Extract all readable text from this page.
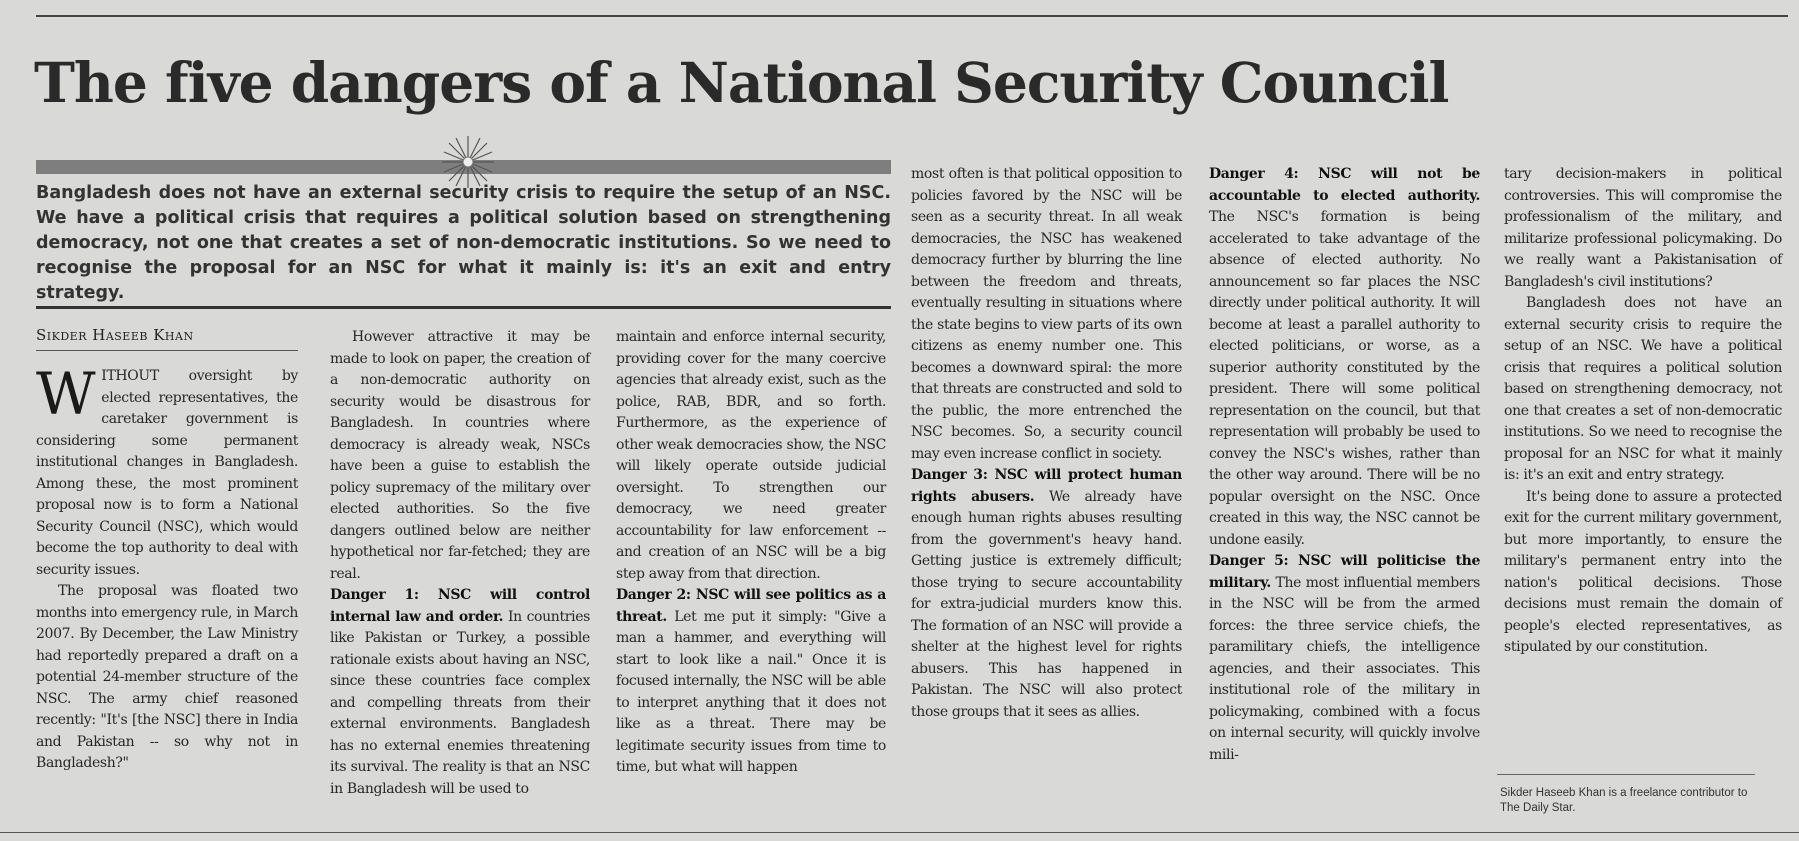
The five dangers of a National Security Council

Bangladesh does not have an external security crisis to require the setup of an NSC. We have a political crisis that requires a political solution based on strengthening democracy, not one that creates a set of non-democratic institutions. So we need to recognise the proposal for an NSC for what it mainly is: it's an exit and entry strategy.

Sikder Haseeb Khan

WITHOUT oversight by elected representatives, the caretaker government is considering some permanent institutional changes in Bangladesh. Among these, the most prominent proposal now is to form a National Security Council (NSC), which would become the top authority to deal with security issues.

The proposal was floated two months into emergency rule, in March 2007. By December, the Law Ministry had reportedly prepared a draft on a potential 24-member structure of the NSC. The army chief reasoned recently: "It's [the NSC] there in India and Pakistan -- so why not in Bangladesh?"

However attractive it may be made to look on paper, the creation of a non-democratic authority on security would be disastrous for Bangladesh. In countries where democracy is already weak, NSCs have been a guise to establish the policy supremacy of the military over elected authorities. So the five dangers outlined below are neither hypothetical nor far-fetched; they are real.

Danger 1: NSC will control internal law and order. In countries like Pakistan or Turkey, a possible rationale exists about having an NSC, since these countries face complex and compelling threats from their external environments. Bangladesh has no external enemies threatening its survival. The reality is that an NSC in Bangladesh will be used to

maintain and enforce internal security, providing cover for the many coercive agencies that already exist, such as the police, RAB, BDR, and so forth. Furthermore, as the experience of other weak democracies show, the NSC will likely operate outside judicial oversight. To strengthen our democracy, we need greater accountability for law enforcement -- and creation of an NSC will be a big step away from that direction.

Danger 2: NSC will see politics as a threat. Let me put it simply: "Give a man a hammer, and everything will start to look like a nail." Once it is focused internally, the NSC will be able to interpret anything that it does not like as a threat. There may be legitimate security issues from time to time, but what will happen

most often is that political opposition to policies favored by the NSC will be seen as a security threat. In all weak democracies, the NSC has weakened democracy further by blurring the line between the freedom and threats, eventually resulting in situations where the state begins to view parts of its own citizens as enemy number one. This becomes a downward spiral: the more that threats are constructed and sold to the public, the more entrenched the NSC becomes. So, a security council may even increase conflict in society.

Danger 3: NSC will protect human rights abusers. We already have enough human rights abuses resulting from the government's heavy hand. Getting justice is extremely difficult; those trying to secure accountability for extra-judicial murders know this. The formation of an NSC will provide a shelter at the highest level for rights abusers. This has happened in Pakistan. The NSC will also protect those groups that it sees as allies.

Danger 4: NSC will not be accountable to elected authority. The NSC's formation is being accelerated to take advantage of the absence of elected authority. No announcement so far places the NSC directly under political authority. It will become at least a parallel authority to elected politicians, or worse, as a superior authority constituted by the president. There will some political representation on the council, but that representation will probably be used to convey the NSC's wishes, rather than the other way around. There will be no popular oversight on the NSC. Once created in this way, the NSC cannot be undone easily.

Danger 5: NSC will politicise the military. The most influential members in the NSC will be from the armed forces: the three service chiefs, the paramilitary chiefs, the intelligence agencies, and their associates. This institutional role of the military in policymaking, combined with a focus on internal security, will quickly involve mili-

tary decision-makers in political controversies. This will compromise the professionalism of the military, and militarize professional policymaking. Do we really want a Pakistanisation of Bangladesh's civil institutions?

Bangladesh does not have an external security crisis to require the setup of an NSC. We have a political crisis that requires a political solution based on strengthening democracy, not one that creates a set of non-democratic institutions. So we need to recognise the proposal for an NSC for what it mainly is: it's an exit and entry strategy.

It's being done to assure a protected exit for the current military government, but more importantly, to ensure the military's permanent entry into the nation's political decisions. Those decisions must remain the domain of people's elected representatives, as stipulated by our constitution.

Sikder Haseeb Khan is a freelance contributor to The Daily Star.
